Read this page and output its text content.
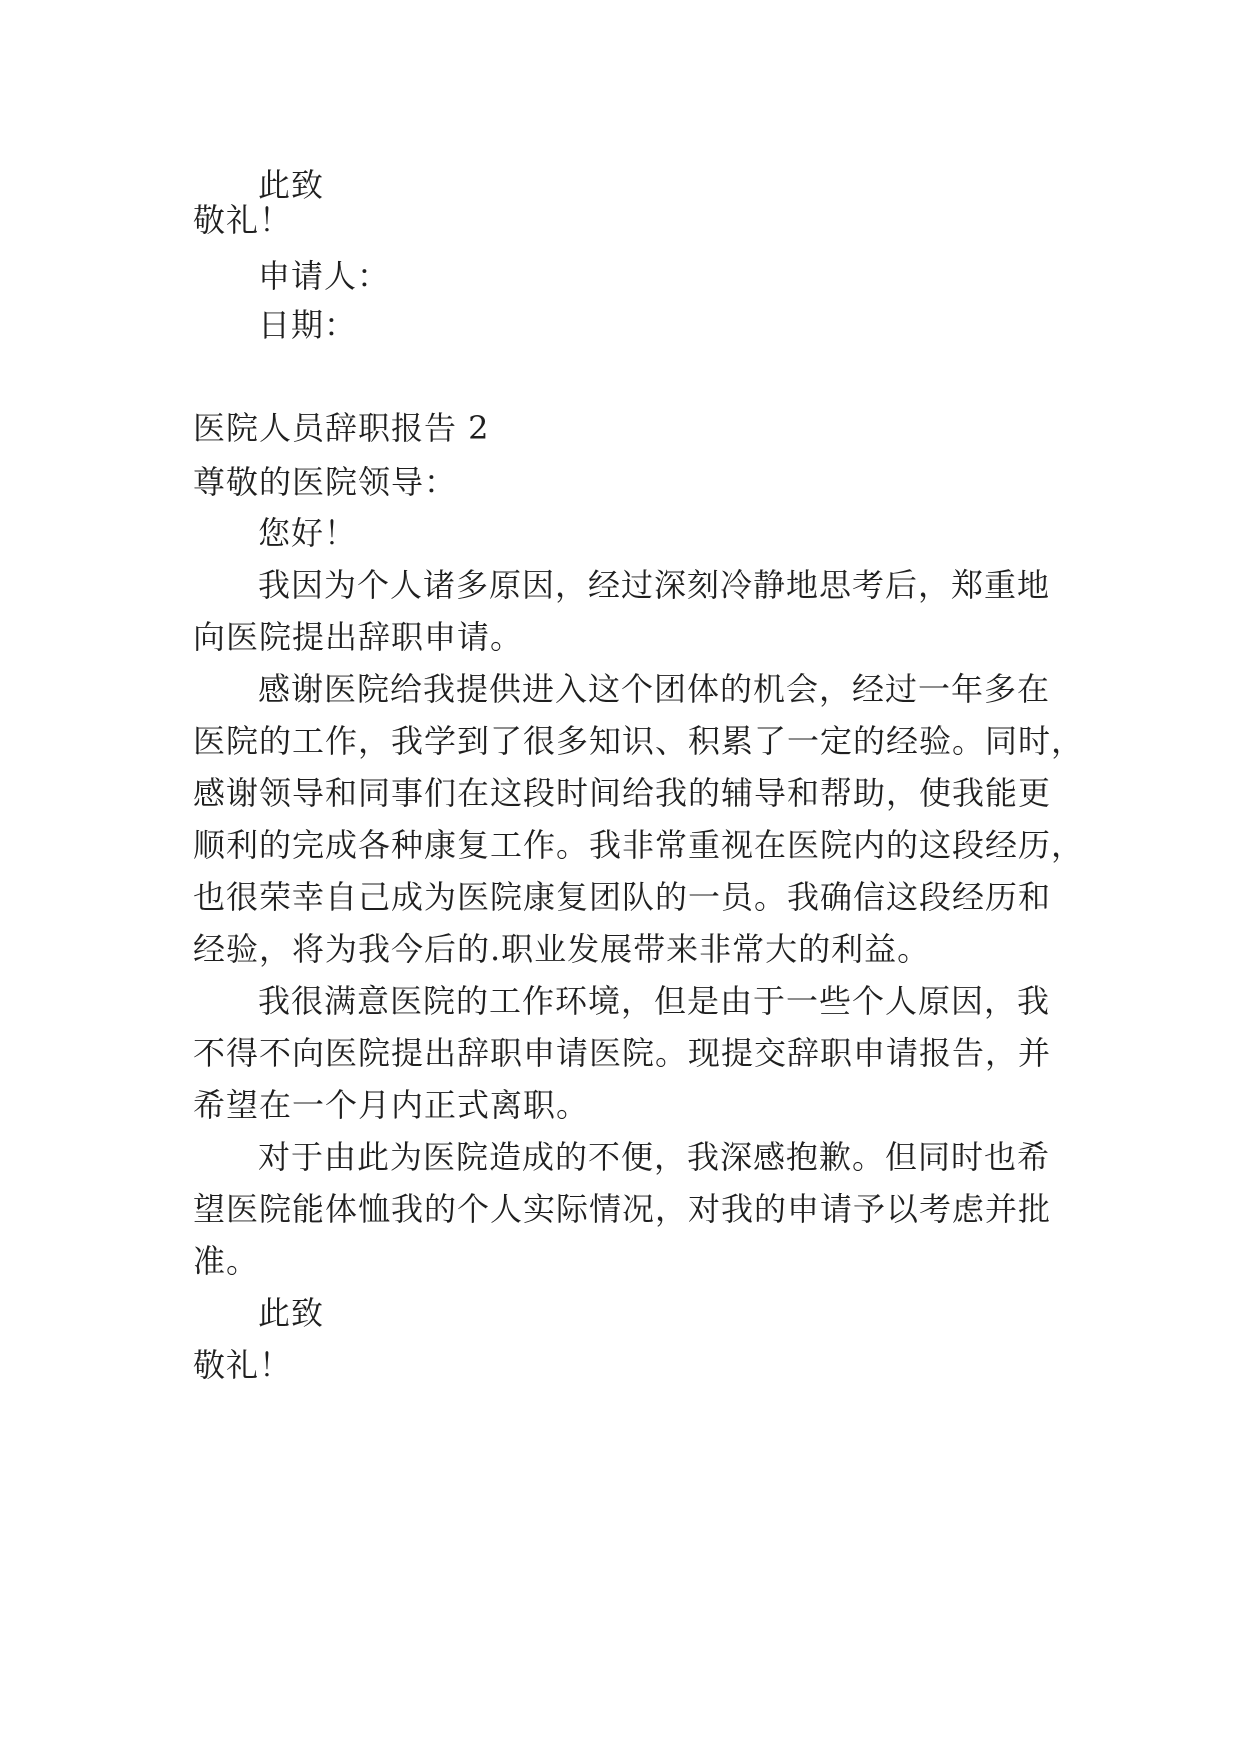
此致
敬礼！
申请人：
日期：
医院人员辞职报告 2
尊敬的医院领导：
您好！
我因为个人诸多原因，经过深刻冷静地思考后，郑重地
向医院提出辞职申请。
感谢医院给我提供进入这个团体的机会，经过一年多在
医院的工作，我学到了很多知识、积累了一定的经验。同时，
感谢领导和同事们在这段时间给我的辅导和帮助，使我能更
顺利的完成各种康复工作。我非常重视在医院内的这段经历，
也很荣幸自己成为医院康复团队的一员。我确信这段经历和
经验，将为我今后的.职业发展带来非常大的利益。
我很满意医院的工作环境，但是由于一些个人原因，我
不得不向医院提出辞职申请医院。现提交辞职申请报告，并
希望在一个月内正式离职。
对于由此为医院造成的不便，我深感抱歉。但同时也希
望医院能体恤我的个人实际情况，对我的申请予以考虑并批
准。
此致
敬礼！
